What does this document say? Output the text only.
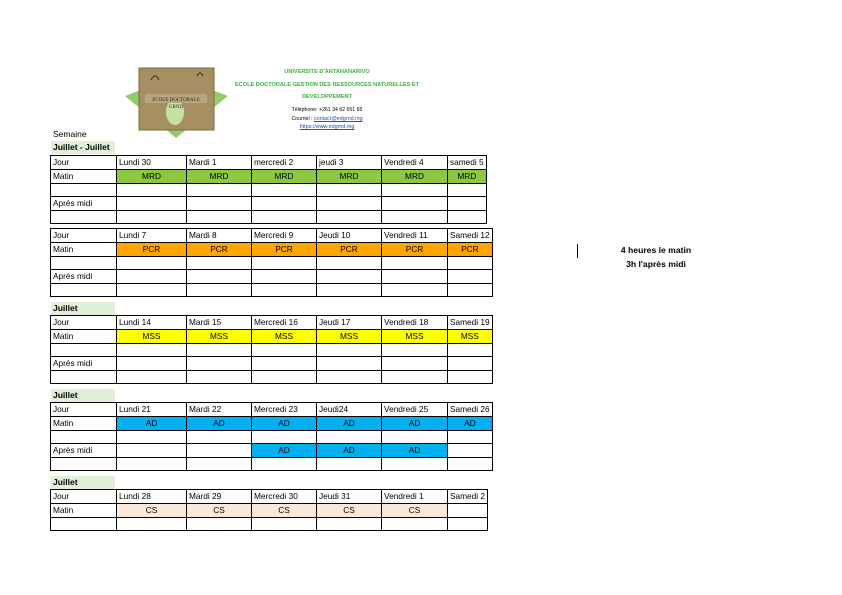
ECOLE DOCTORALE
GRND
UNIVERSITE D'ANTANANARIVO
ECOLE DOCTORALE GESTION DES RESSOURCES NATURELLES ET
DEVELOPPEMENT
Téléphone: +261 34 62 651 65
Courriel : contact@edgrnd.mg
https://www.edgrnd.mg
Semaine
Juillet - Juillet
Juillet
Juillet
Juillet
Jour	Lundi 30	Mardi 1	mercredi 2	jeudi 3	Vendredi 4	samedi 5
Matin	MRD	MRD	MRD	MRD	MRD	MRD

Après midi						

Jour	Lundi 7	Mardi 8	Mercredi 9	Jeudi 10	Vendredi 11	Samedi 12
Matin	PCR	PCR	PCR	PCR	PCR	PCR

Après midi						

Jour	Lundi 14	Mardi 15	Mercredi 16	Jeudi 17	Vendredi 18	Samedi 19
Matin	MSS	MSS	MSS	MSS	MSS	MSS

Après midi						

Jour	Lundi 21	Mardi 22	Mercredi 23	Jeudi24	Vendredi 25	Samedi 26
Matin	AD	AD	AD	AD	AD	AD

Après midi			AD	AD	AD	

Jour	Lundi 28	Mardi 29	Mercredi 30	Jeudi 31	Vendredi 1	Samedi 2
Matin	CS	CS	CS	CS	CS	

4 heures le matin
3h l'après midi
